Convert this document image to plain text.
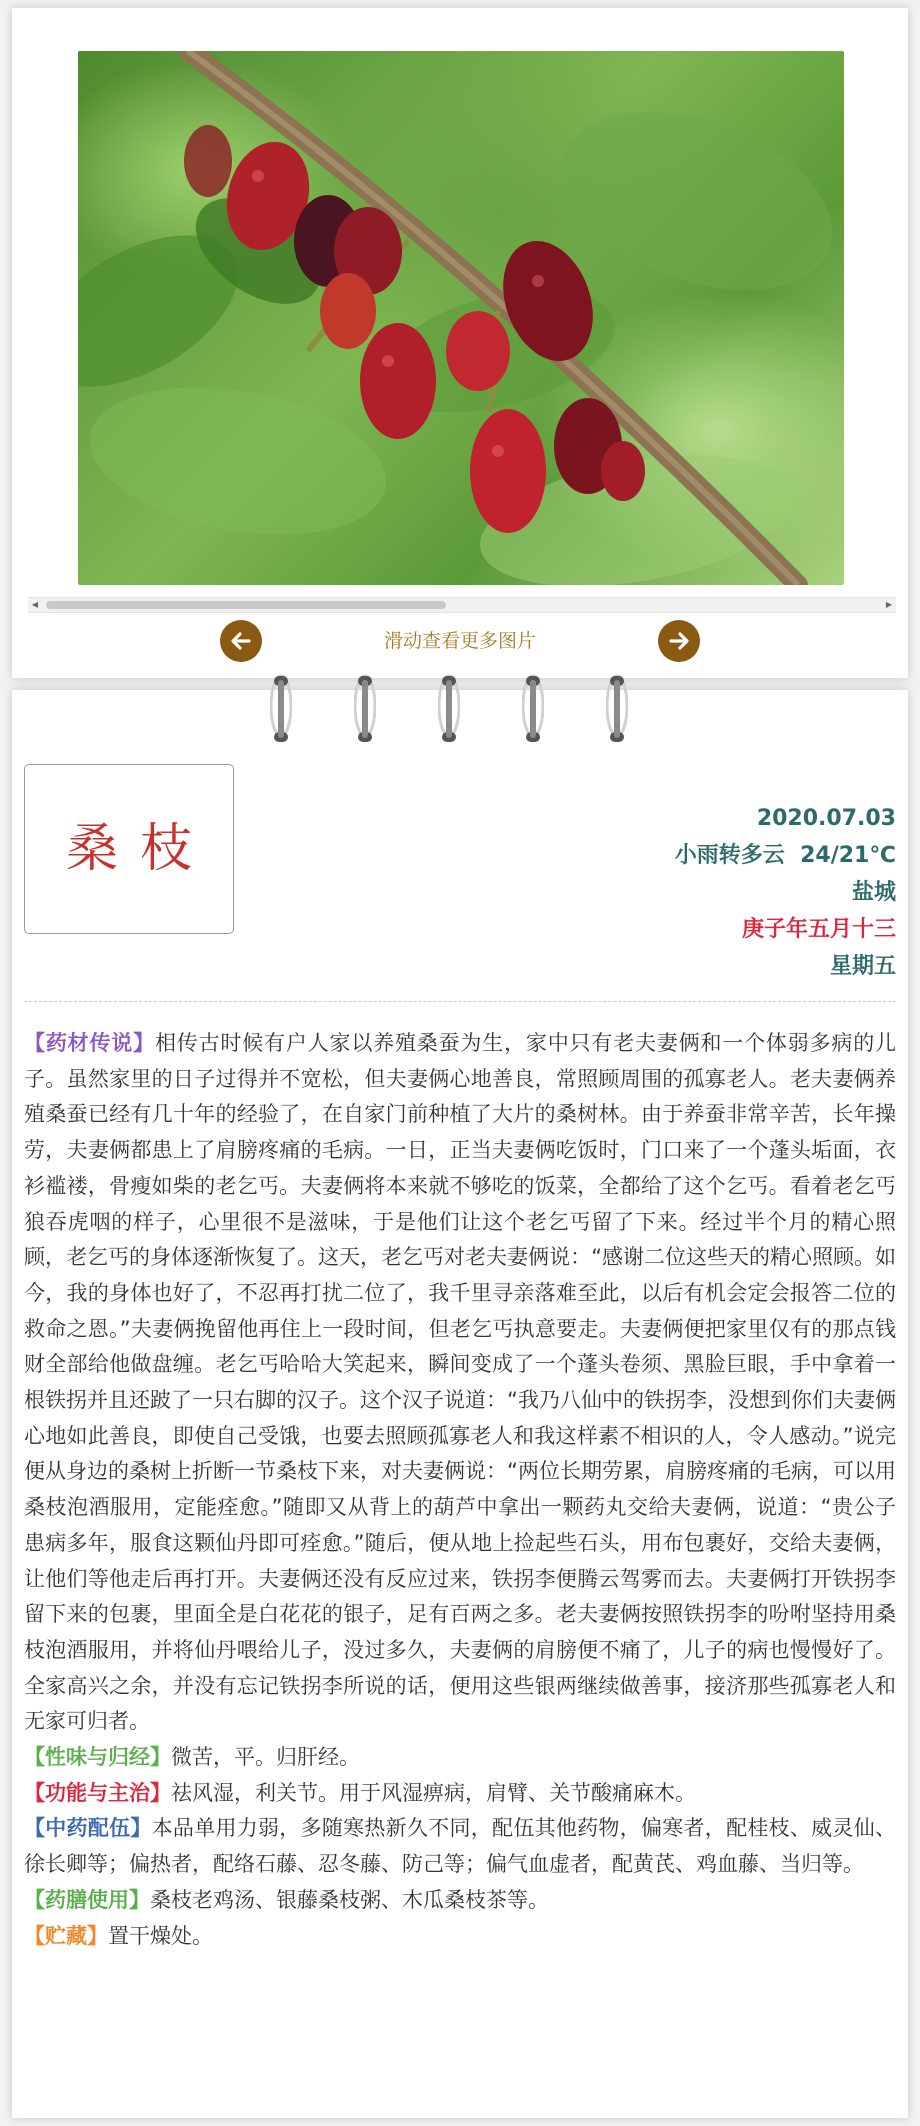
◀	▶
滑动查看更多图片
桑枝
2020.07.03
小雨转多云  24/21℃
盐城
庚子年五月十三
星期五

【药材传说】相传古时候有户人家以养殖桑蚕为生，家中只有老夫妻俩和一个体弱多病的儿子。虽然家里的日子过得并不宽松，但夫妻俩心地善良，常照顾周围的孤寡老人。老夫妻俩养殖桑蚕已经有几十年的经验了，在自家门前种植了大片的桑树林。由于养蚕非常辛苦，长年操劳，夫妻俩都患上了肩膀疼痛的毛病。一日，正当夫妻俩吃饭时，门口来了一个蓬头垢面，衣衫褴褛，骨瘦如柴的老乞丐。夫妻俩将本来就不够吃的饭菜，全都给了这个乞丐。看着老乞丐狼吞虎咽的样子，心里很不是滋味，于是他们让这个老乞丐留了下来。经过半个月的精心照顾，老乞丐的身体逐渐恢复了。这天，老乞丐对老夫妻俩说：“感谢二位这些天的精心照顾。如今，我的身体也好了，不忍再打扰二位了，我千里寻亲落难至此，以后有机会定会报答二位的救命之恩。”夫妻俩挽留他再住上一段时间，但老乞丐执意要走。夫妻俩便把家里仅有的那点钱财全部给他做盘缠。老乞丐哈哈大笑起来，瞬间变成了一个蓬头卷须、黑脸巨眼，手中拿着一根铁拐并且还跛了一只右脚的汉子。这个汉子说道：“我乃八仙中的铁拐李，没想到你们夫妻俩心地如此善良，即使自己受饿，也要去照顾孤寡老人和我这样素不相识的人，令人感动。”说完便从身边的桑树上折断一节桑枝下来，对夫妻俩说：“两位长期劳累，肩膀疼痛的毛病，可以用桑枝泡酒服用，定能痊愈。”随即又从背上的葫芦中拿出一颗药丸交给夫妻俩，说道：“贵公子患病多年，服食这颗仙丹即可痊愈。”随后，便从地上捡起些石头，用布包裹好，交给夫妻俩，让他们等他走后再打开。夫妻俩还没有反应过来，铁拐李便腾云驾雾而去。夫妻俩打开铁拐李留下来的包裹，里面全是白花花的银子，足有百两之多。老夫妻俩按照铁拐李的吩咐坚持用桑枝泡酒服用，并将仙丹喂给儿子，没过多久，夫妻俩的肩膀便不痛了，儿子的病也慢慢好了。全家高兴之余，并没有忘记铁拐李所说的话，便用这些银两继续做善事，接济那些孤寡老人和无家可归者。

【性味与归经】微苦，平。归肝经。

【功能与主治】祛风湿，利关节。用于风湿痹病，肩臂、关节酸痛麻木。

【中药配伍】本品单用力弱，多随寒热新久不同，配伍其他药物，偏寒者，配桂枝、威灵仙、徐长卿等；偏热者，配络石藤、忍冬藤、防己等；偏气血虚者，配黄芪、鸡血藤、当归等。

【药膳使用】桑枝老鸡汤、银藤桑枝粥、木瓜桑枝茶等。

【贮藏】置干燥处。
